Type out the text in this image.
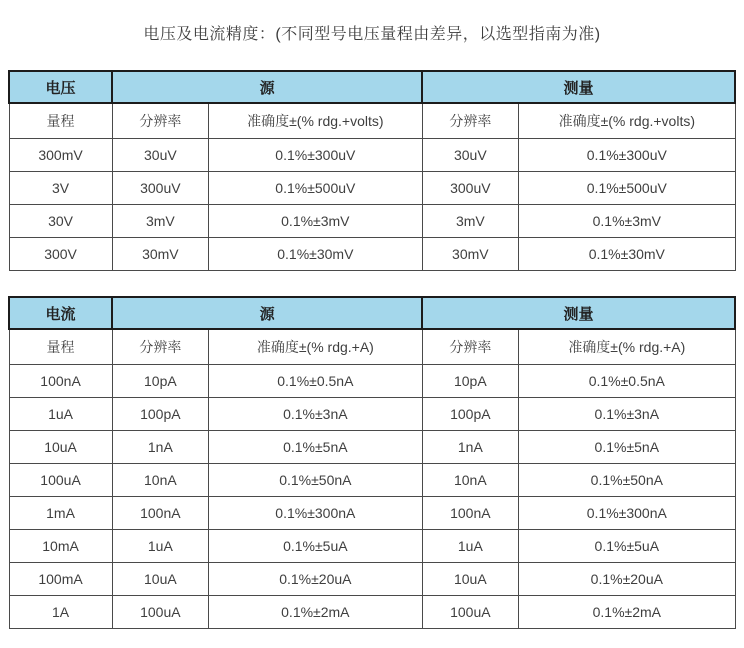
电压及电流精度：(不同型号电压量程由差异，以选型指南为准)
电压	源		测量	
量程	分辨率	准确度±(% rdg.+volts)	分辨率	准确度±(% rdg.+volts)
300mV	30uV	0.1%±300uV	30uV	0.1%±300uV
3V	300uV	0.1%±500uV	300uV	0.1%±500uV
30V	3mV	0.1%±3mV	3mV	0.1%±3mV
300V	30mV	0.1%±30mV	30mV	0.1%±30mV
电流	源		测量	
量程	分辨率	准确度±(% rdg.+A)	分辨率	准确度±(% rdg.+A)
100nA	10pA	0.1%±0.5nA	10pA	0.1%±0.5nA
1uA	100pA	0.1%±3nA	100pA	0.1%±3nA
10uA	1nA	0.1%±5nA	1nA	0.1%±5nA
100uA	10nA	0.1%±50nA	10nA	0.1%±50nA
1mA	100nA	0.1%±300nA	100nA	0.1%±300nA
10mA	1uA	0.1%±5uA	1uA	0.1%±5uA
100mA	10uA	0.1%±20uA	10uA	0.1%±20uA
1A	100uA	0.1%±2mA	100uA	0.1%±2mA
